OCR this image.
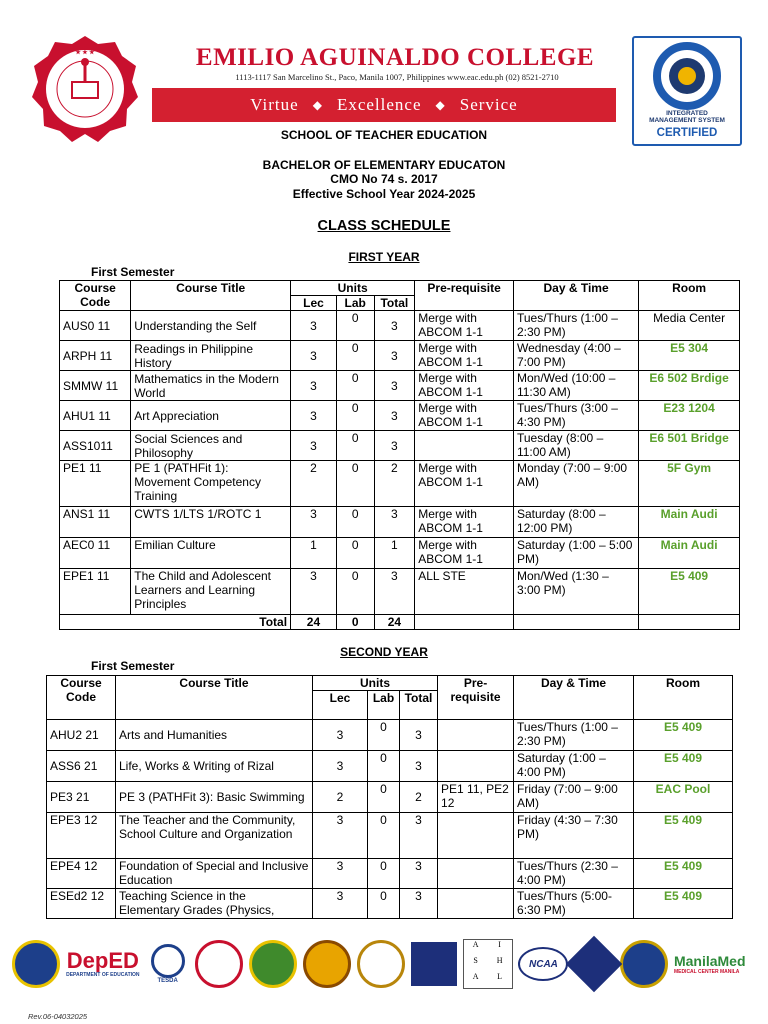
★ ★ ★	EMILIO AGUINALDO COLLEGE
1113-1117 San Marcelino St., Paco, Manila 1007, Philippines www.eac.edu.ph (02) 8521-2710
Virtue ◆ Excellence ◆ Service	INTEGRATED
MANAGEMENT SYSTEM
CERTIFIED
SCHOOL OF TEACHER EDUCATION
BACHELOR OF ELEMENTARY EDUCATON
CMO No 74 s. 2017
Effective School Year 2024-2025
CLASS SCHEDULE
FIRST YEAR
First Semester
Course Code	Course Title	Units			Pre-requisite	Day & Time	Room
		Lec	Lab	Total			
AUS0 11	Understanding the Self	3	0	3	Merge with ABCOM 1-1	Tues/Thurs (1:00 – 2:30 PM)	Media Center
ARPH 11	Readings in Philippine History	3	0	3	Merge with ABCOM 1-1	Wednesday (4:00 – 7:00 PM)	E5 304
SMMW 11	Mathematics in the Modern World	3	0	3	Merge with ABCOM 1-1	Mon/Wed (10:00 – 11:30 AM)	E6 502 Brdige
AHU1 11	Art Appreciation	3	0	3	Merge with ABCOM 1-1	Tues/Thurs (3:00 – 4:30 PM)	E23 1204
ASS1011	Social Sciences and Philosophy	3	0	3		Tuesday (8:00 – 11:00 AM)	E6 501 Bridge
PE1 11	PE 1 (PATHFit 1): Movement Competency Training	2	0	2	Merge with ABCOM 1-1	Monday (7:00 – 9:00 AM)	5F Gym
ANS1 11	CWTS 1/LTS 1/ROTC 1	3	0	3	Merge with ABCOM 1-1	Saturday (8:00 – 12:00 PM)	Main Audi
AEC0 11	Emilian Culture	1	0	1	Merge with ABCOM 1-1	Saturday (1:00 – 5:00 PM)	Main Audi
EPE1 11	The Child and Adolescent Learners and Learning Principles	3	0	3	ALL STE	Mon/Wed (1:30 – 3:00 PM)	E5 409
Total		24	0	24			
SECOND YEAR
First Semester
Course Code	Course Title	Units			Pre-requisite	Day & Time	Room
		Lec	Lab	Total			
AHU2 21	Arts and Humanities	3	0	3		Tues/Thurs (1:00 – 2:30 PM)	E5 409
ASS6 21	Life, Works & Writing of Rizal	3	0	3		Saturday (1:00 – 4:00 PM)	E5 409
PE3 21	PE 3 (PATHFit 3): Basic Swimming	2	0	2	PE1 11, PE2 12	Friday (7:00 – 9:00 AM)	EAC Pool
EPE3 12	The Teacher and the Community, School Culture and Organization	3	0	3		Friday (4:30 – 7:30 PM)	E5 409
EPE4 12	Foundation of Special and Inclusive Education	3	0	3		Tues/Thurs (2:30 – 4:00 PM)	E5 409
ESEd2 12	Teaching Science in the Elementary Grades (Physics,	3	0	3		Tues/Thurs (5:00-6:30 PM)	E5 409
DepED
DEPARTMENT OF EDUCATION
TESDA
A	I
S	H
A	L
NCAA	ManilaMed
MEDICAL CENTER MANILA
Rev.06-04032025
